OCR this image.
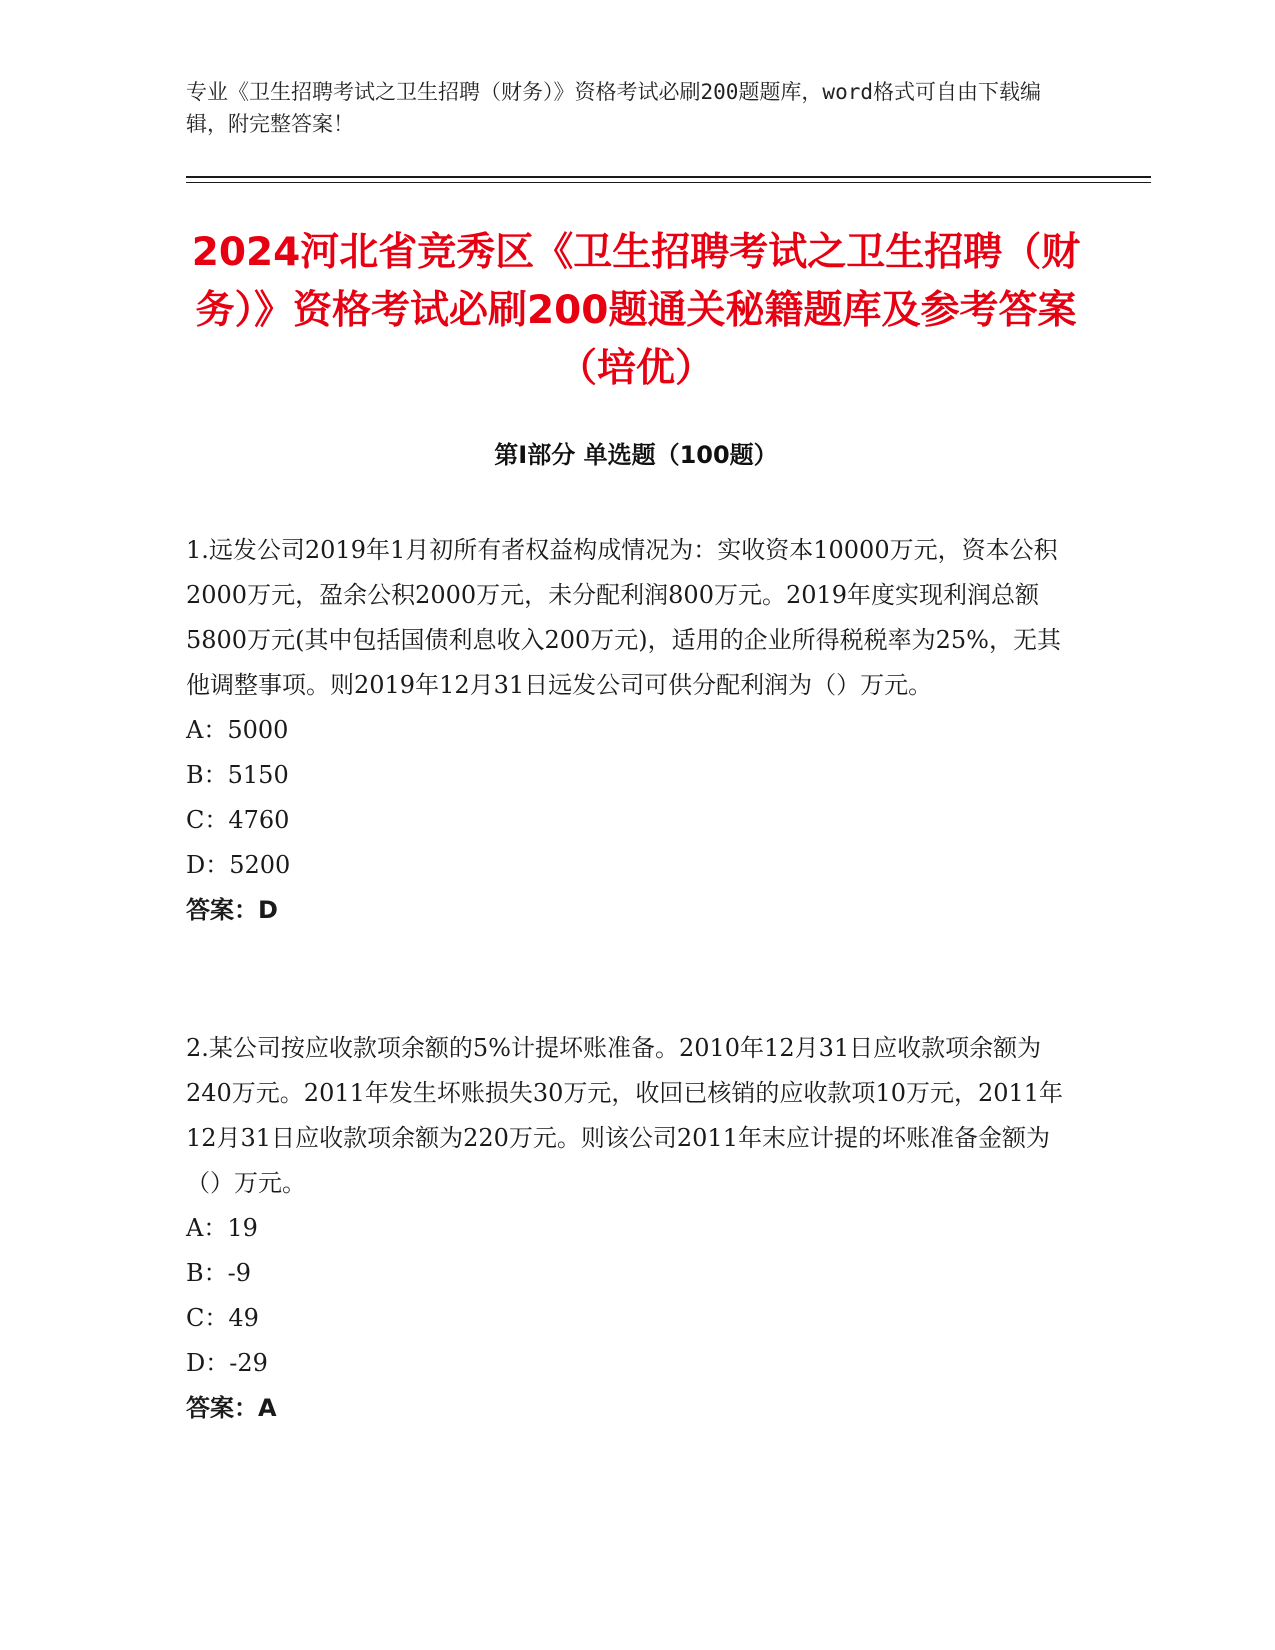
专业《卫生招聘考试之卫生招聘（财务）》资格考试必刷200题题库，word格式可自由下载编辑，附完整答案！
2024河北省竞秀区《卫生招聘考试之卫生招聘（财务）》资格考试必刷200题通关秘籍题库及参考答案（培优）
第I部分 单选题（100题）

1.远发公司2019年1月初所有者权益构成情况为：实收资本10000万元，资本公积2000万元，盈余公积2000万元，未分配利润800万元。2019年度实现利润总额5800万元(其中包括国债利息收入200万元)，适用的企业所得税税率为25%，无其他调整事项。则2019年12月31日远发公司可供分配利润为（）万元。

A：5000

B：5150

C：4760

D：5200

答案：D

2.某公司按应收款项余额的5%计提坏账准备。2010年12月31日应收款项余额为240万元。2011年发生坏账损失30万元，收回已核销的应收款项10万元，2011年12月31日应收款项余额为220万元。则该公司2011年末应计提的坏账准备金额为（）万元。

A：19

B：-9

C：49

D：-29

答案：A
